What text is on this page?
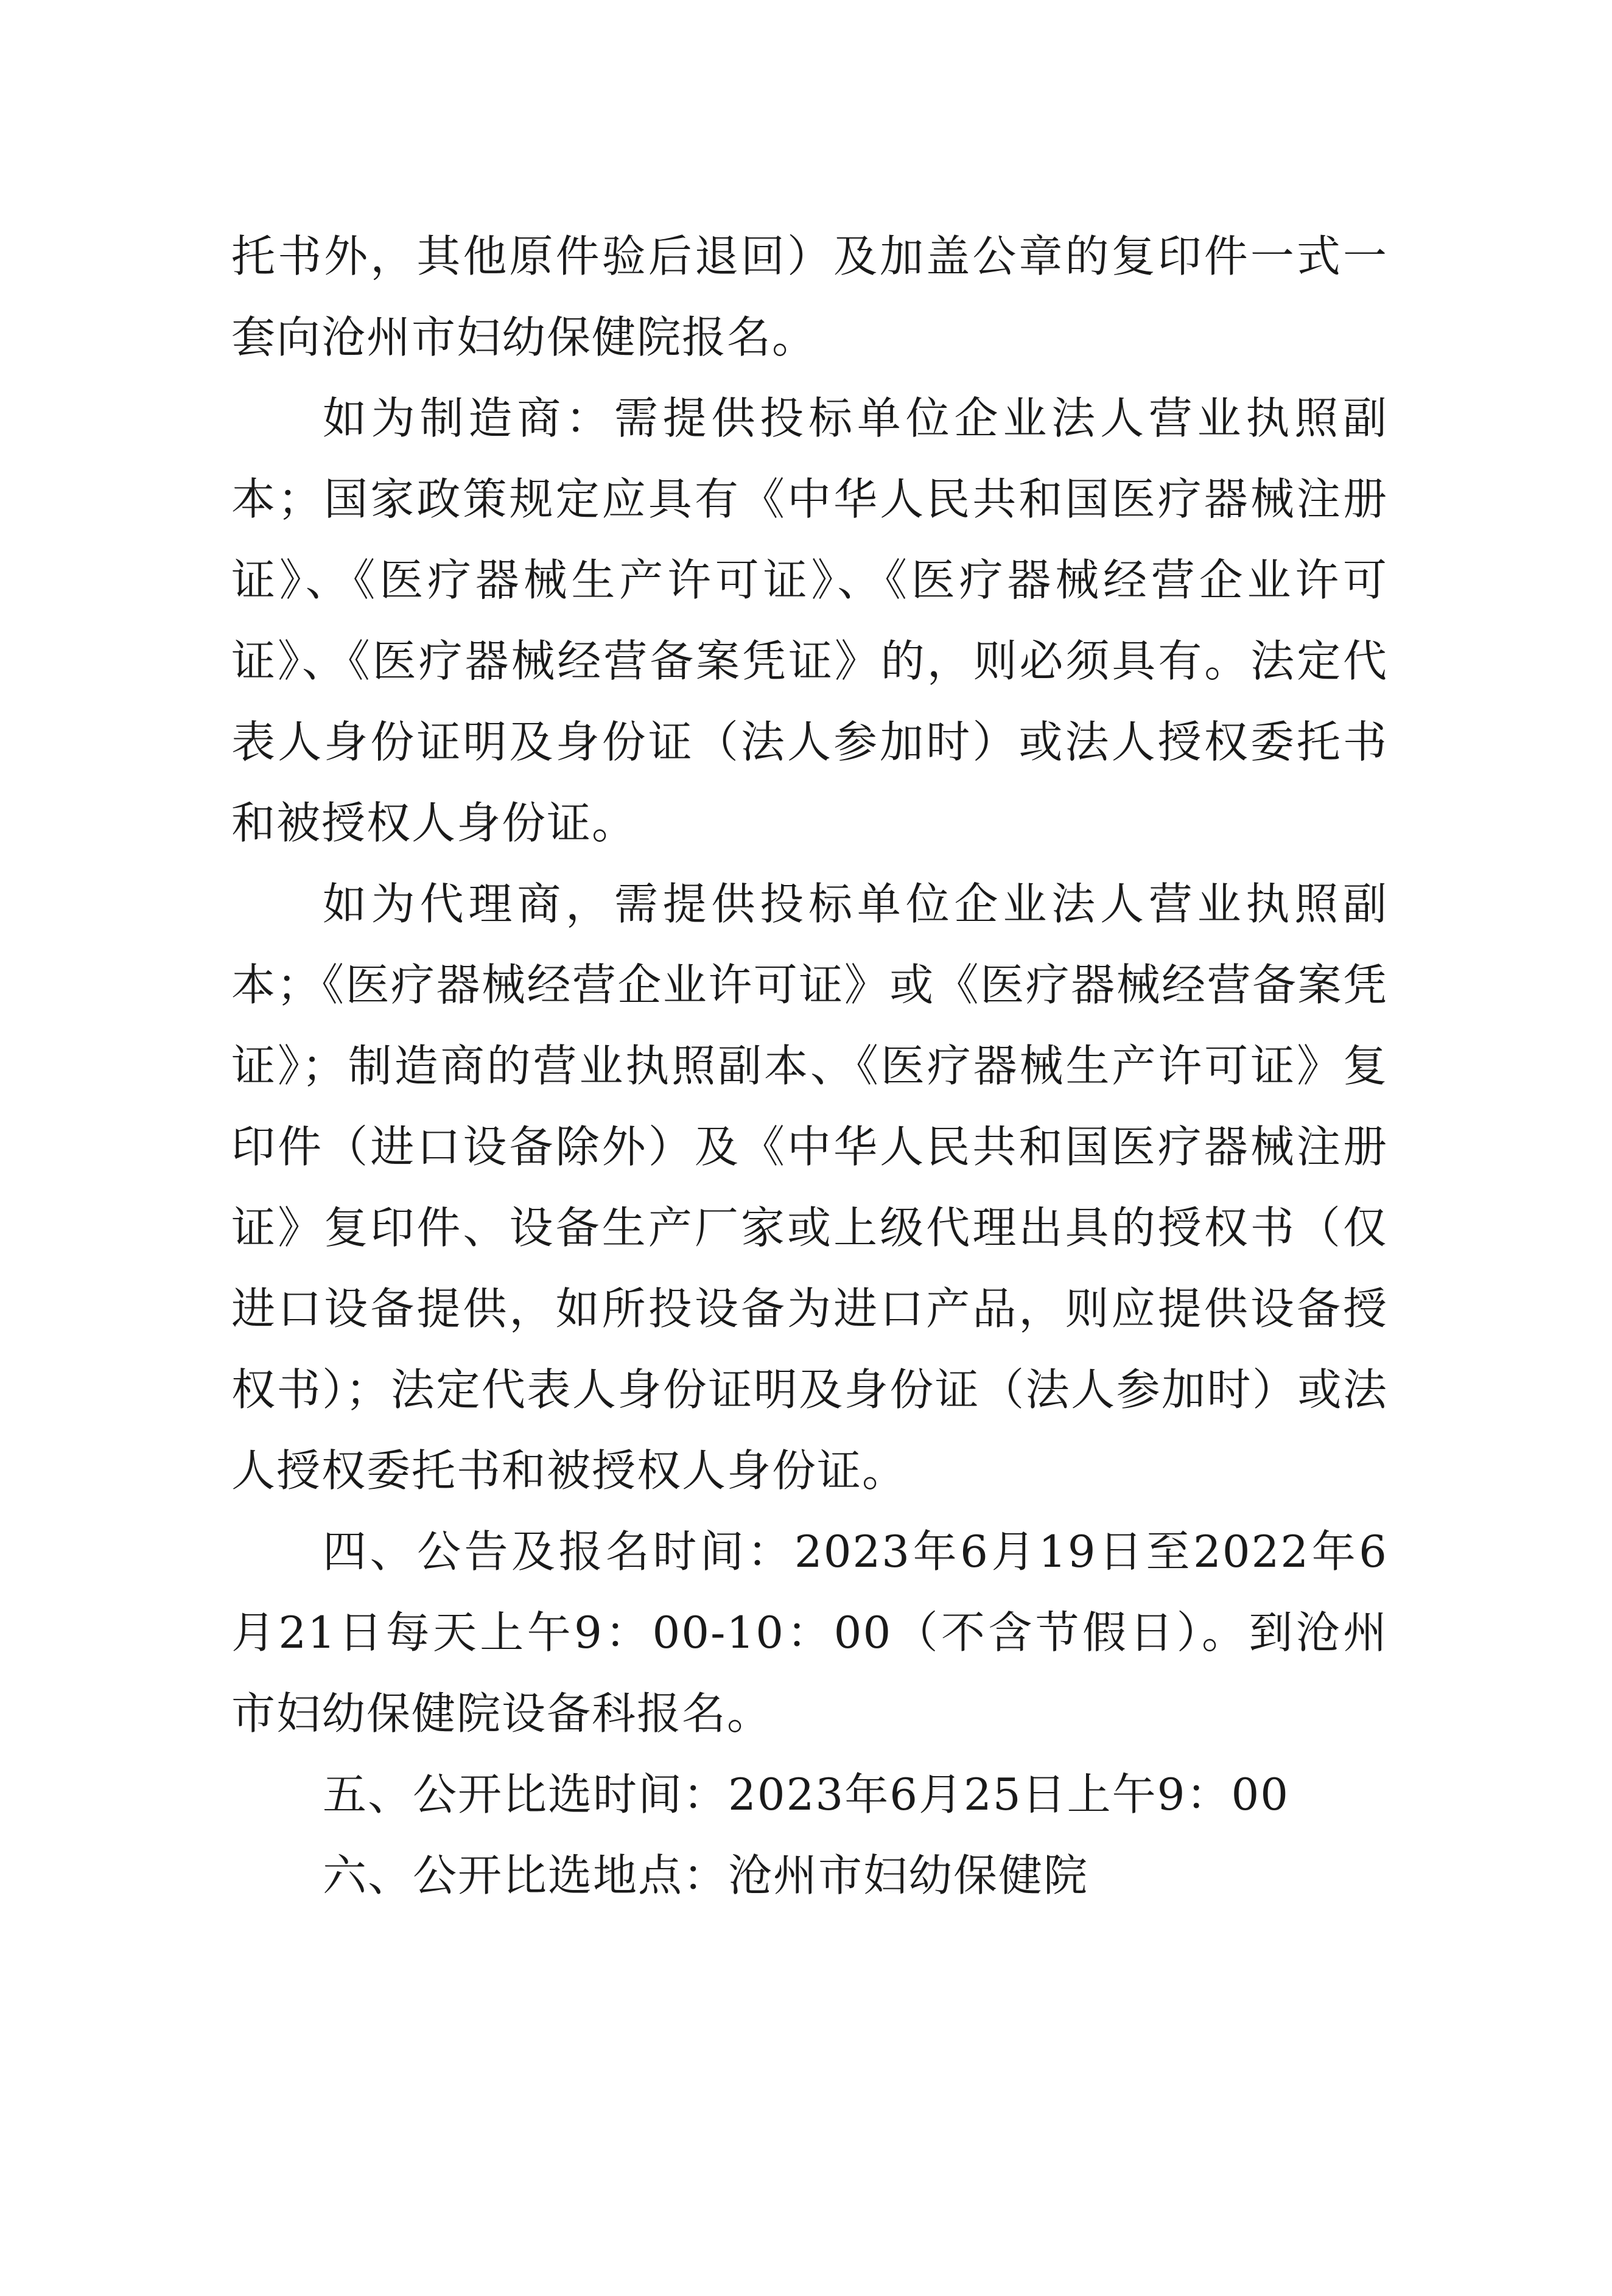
托书外，其他原件验后退回）及加盖公章的复印件一式一套向沧州市妇幼保健院报名。

如为制造商：需提供投标单位企业法人营业执照副本；国家政策规定应具有《中华人民共和国医疗器械注册证》、《医疗器械生产许可证》、《医疗器械经营企业许可证》、《医疗器械经营备案凭证》的，则必须具有。法定代表人身份证明及身份证（法人参加时）或法人授权委托书和被授权人身份证。

如为代理商，需提供投标单位企业法人营业执照副本；《医疗器械经营企业许可证》或《医疗器械经营备案凭证》；制造商的营业执照副本、《医疗器械生产许可证》复印件（进口设备除外）及《中华人民共和国医疗器械注册证》复印件、设备生产厂家或上级代理出具的授权书（仅进口设备提供，如所投设备为进口产品，则应提供设备授权书）；法定代表人身份证明及身份证（法人参加时）或法人授权委托书和被授权人身份证。

四、公告及报名时间：2023年6月19日至2022年6月21日每天上午9：00-10：00（不含节假日）。到沧州市妇幼保健院设备科报名。

五、公开比选时间：2023年6月25日上午9：00

六、公开比选地点：沧州市妇幼保健院
